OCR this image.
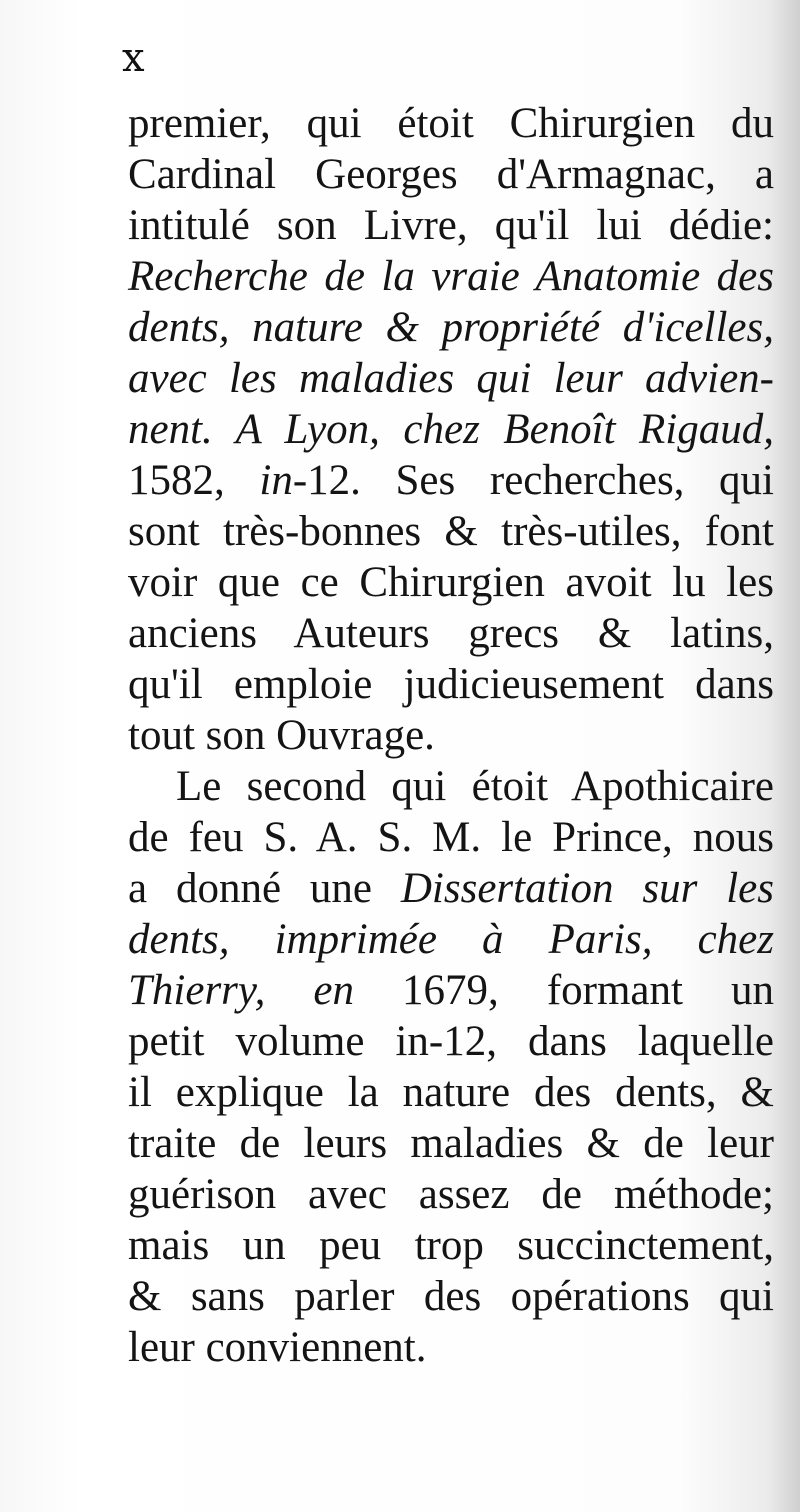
x
premier, qui étoit Chirurgien du
Cardinal Georges d'Armagnac, a
intitulé son Livre, qu'il lui dédie:
Recherche de la vraie Anatomie des
dents, nature & propriété d'icelles,
avec les maladies qui leur advien-
nent. A Lyon, chez Benoît Rigaud,
1582, in-12. Ses recherches, qui
sont très-bonnes & très-utiles, font
voir que ce Chirurgien avoit lu les
anciens Auteurs grecs & latins,
qu'il emploie judicieusement dans
tout son Ouvrage.
Le second qui étoit Apothicaire
de feu S. A. S. M. le Prince, nous
a donné une Dissertation sur les
dents, imprimée à Paris, chez
Thierry, en 1679, formant un
petit volume in-12, dans laquelle
il explique la nature des dents, &
traite de leurs maladies & de leur
guérison avec assez de méthode;
mais un peu trop succinctement,
& sans parler des opérations qui
leur conviennent.
